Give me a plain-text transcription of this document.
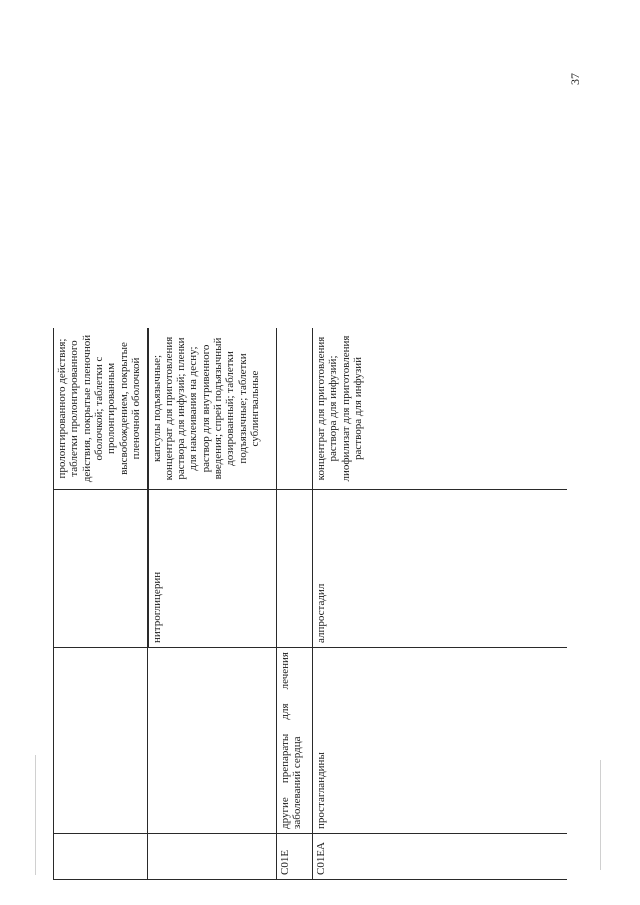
37
			пролонгированного действия; таблетки пролонгированного действия, покрытые пленочной оболочкой; таблетки с пролонгированным высвобождением, покрытые пленочной оболочкой
		нитроглицерин	капсулы подъязычные; концентрат для приготовления раствора для инфузий; пленки для наклеивания на десну; раствор для внутривенного введения; спрей подъязычный дозированный; таблетки подъязычные; таблетки сублингвальные
C01E	другие препараты для лечения заболеваний сердца		
C01EA	простагландины	алпростадил	концентрат для приготовления раствора для инфузий; лиофилизат для приготовления раствора для инфузий
